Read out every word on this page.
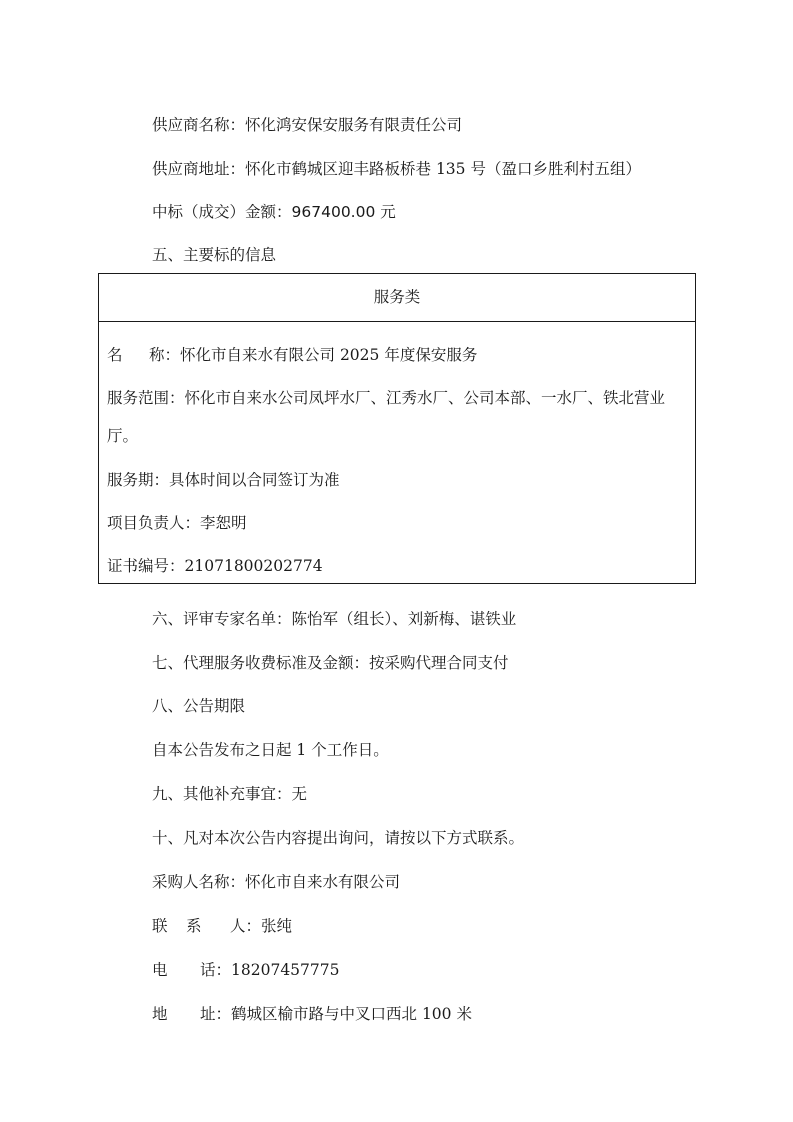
供应商名称：怀化鸿安保安服务有限责任公司
供应商地址：怀化市鹤城区迎丰路板桥巷 135 号（盈口乡胜利村五组）
中标（成交）金额：967400.00 元
五、主要标的信息
服务类
名 称：怀化市自来水有限公司 2025 年度保安服务
服务范围：怀化市自来水公司凤坪水厂、江秀水厂、公司本部、一水厂、铁北营业
厅。
服务期：具体时间以合同签订为准
项目负责人：李恕明
证书编号：21071800202774
六、评审专家名单：陈怡军（组长）、刘新梅、谌铁业
七、代理服务收费标准及金额：按采购代理合同支付
八、公告期限
自本公告发布之日起 1 个工作日。
九、其他补充事宜：无
十、凡对本次公告内容提出询问，请按以下方式联系。
采购人名称：怀化市自来水有限公司
联 系 人：张纯
电 话：18207457775
地 址：鹤城区榆市路与中叉口西北 100 米
